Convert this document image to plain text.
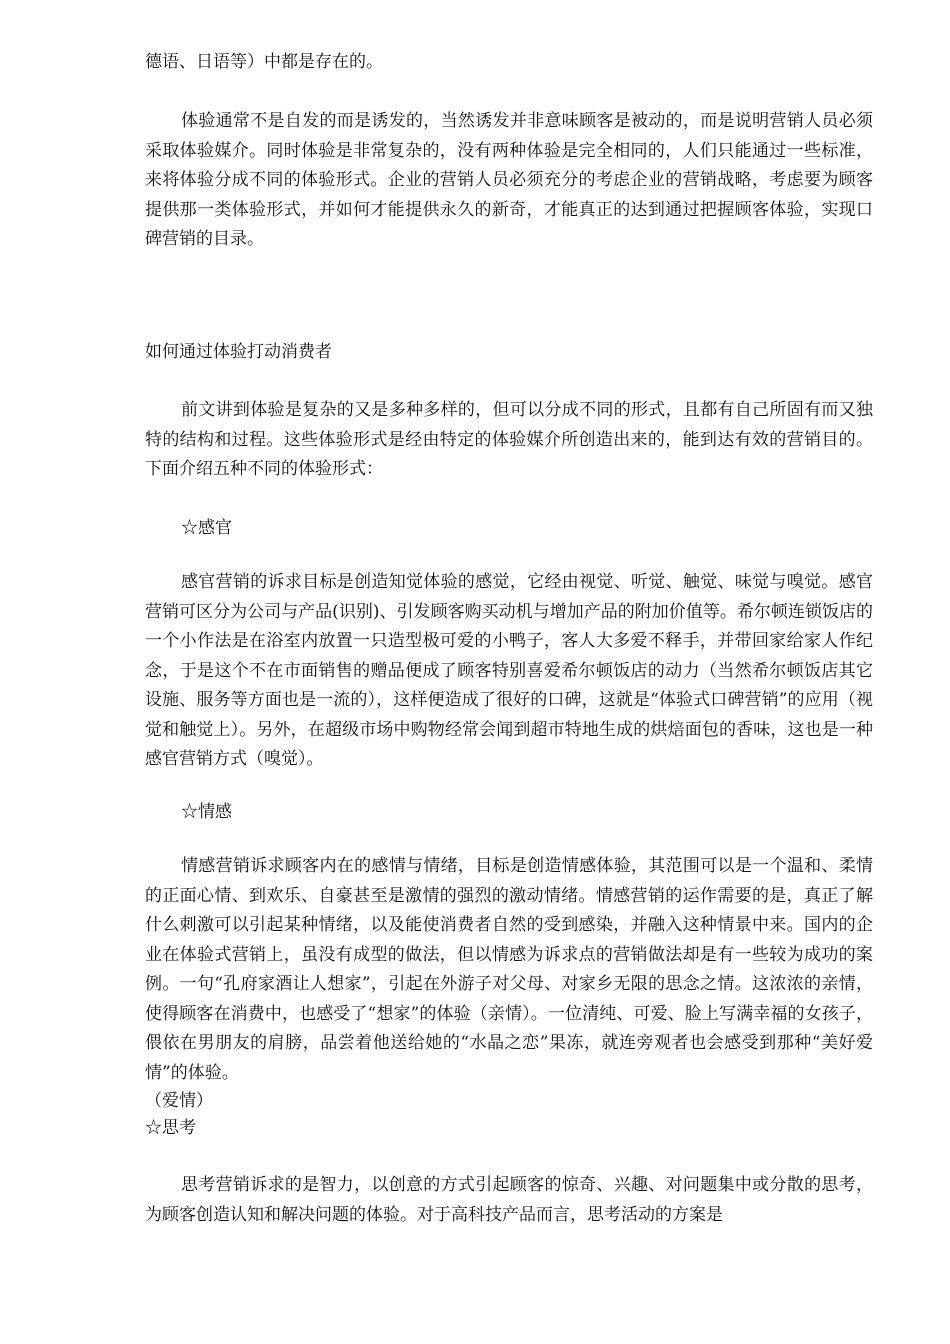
德语、日语等）中都是存在的。

体验通常不是自发的而是诱发的，当然诱发并非意味顾客是被动的，而是说明营销人员必须采取体验媒介。同时体验是非常复杂的，没有两种体验是完全相同的，人们只能通过一些标准，来将体验分成不同的体验形式。企业的营销人员必须充分的考虑企业的营销战略，考虑要为顾客提供那一类体验形式，并如何才能提供永久的新奇，才能真正的达到通过把握顾客体验，实现口碑营销的目录。

如何通过体验打动消费者

前文讲到体验是复杂的又是多种多样的，但可以分成不同的形式，且都有自己所固有而又独特的结构和过程。这些体验形式是经由特定的体验媒介所创造出来的，能到达有效的营销目的。下面介绍五种不同的体验形式：

☆感官

感官营销的诉求目标是创造知觉体验的感觉，它经由视觉、听觉、触觉、味觉与嗅觉。感官营销可区分为公司与产品(识别)、引发顾客购买动机与增加产品的附加价值等。希尔顿连锁饭店的一个小作法是在浴室内放置一只造型极可爱的小鸭子，客人大多爱不释手，并带回家给家人作纪念，于是这个不在市面销售的赠品便成了顾客特别喜爱希尔顿饭店的动力（当然希尔顿饭店其它设施、服务等方面也是一流的），这样便造成了很好的口碑，这就是“体验式口碑营销”的应用（视觉和触觉上）。另外，在超级市场中购物经常会闻到超市特地生成的烘焙面包的香味，这也是一种感官营销方式（嗅觉）。

☆情感

情感营销诉求顾客内在的感情与情绪，目标是创造情感体验，其范围可以是一个温和、柔情的正面心情、到欢乐、自豪甚至是激情的强烈的激动情绪。情感营销的运作需要的是，真正了解什么刺激可以引起某种情绪，以及能使消费者自然的受到感染，并融入这种情景中来。国内的企业在体验式营销上，虽没有成型的做法，但以情感为诉求点的营销做法却是有一些较为成功的案例。一句“孔府家酒让人想家”，引起在外游子对父母、对家乡无限的思念之情。这浓浓的亲情，使得顾客在消费中，也感受了“想家”的体验（亲情）。一位清纯、可爱、脸上写满幸福的女孩子，偎依在男朋友的肩膀，品尝着他送给她的“水晶之恋”果冻，就连旁观者也会感受到那种“美好爱情”的体验。

（爱情）

☆思考

思考营销诉求的是智力，以创意的方式引起顾客的惊奇、兴趣、对问题集中或分散的思考，为顾客创造认知和解决问题的体验。对于高科技产品而言，思考活动的方案是
